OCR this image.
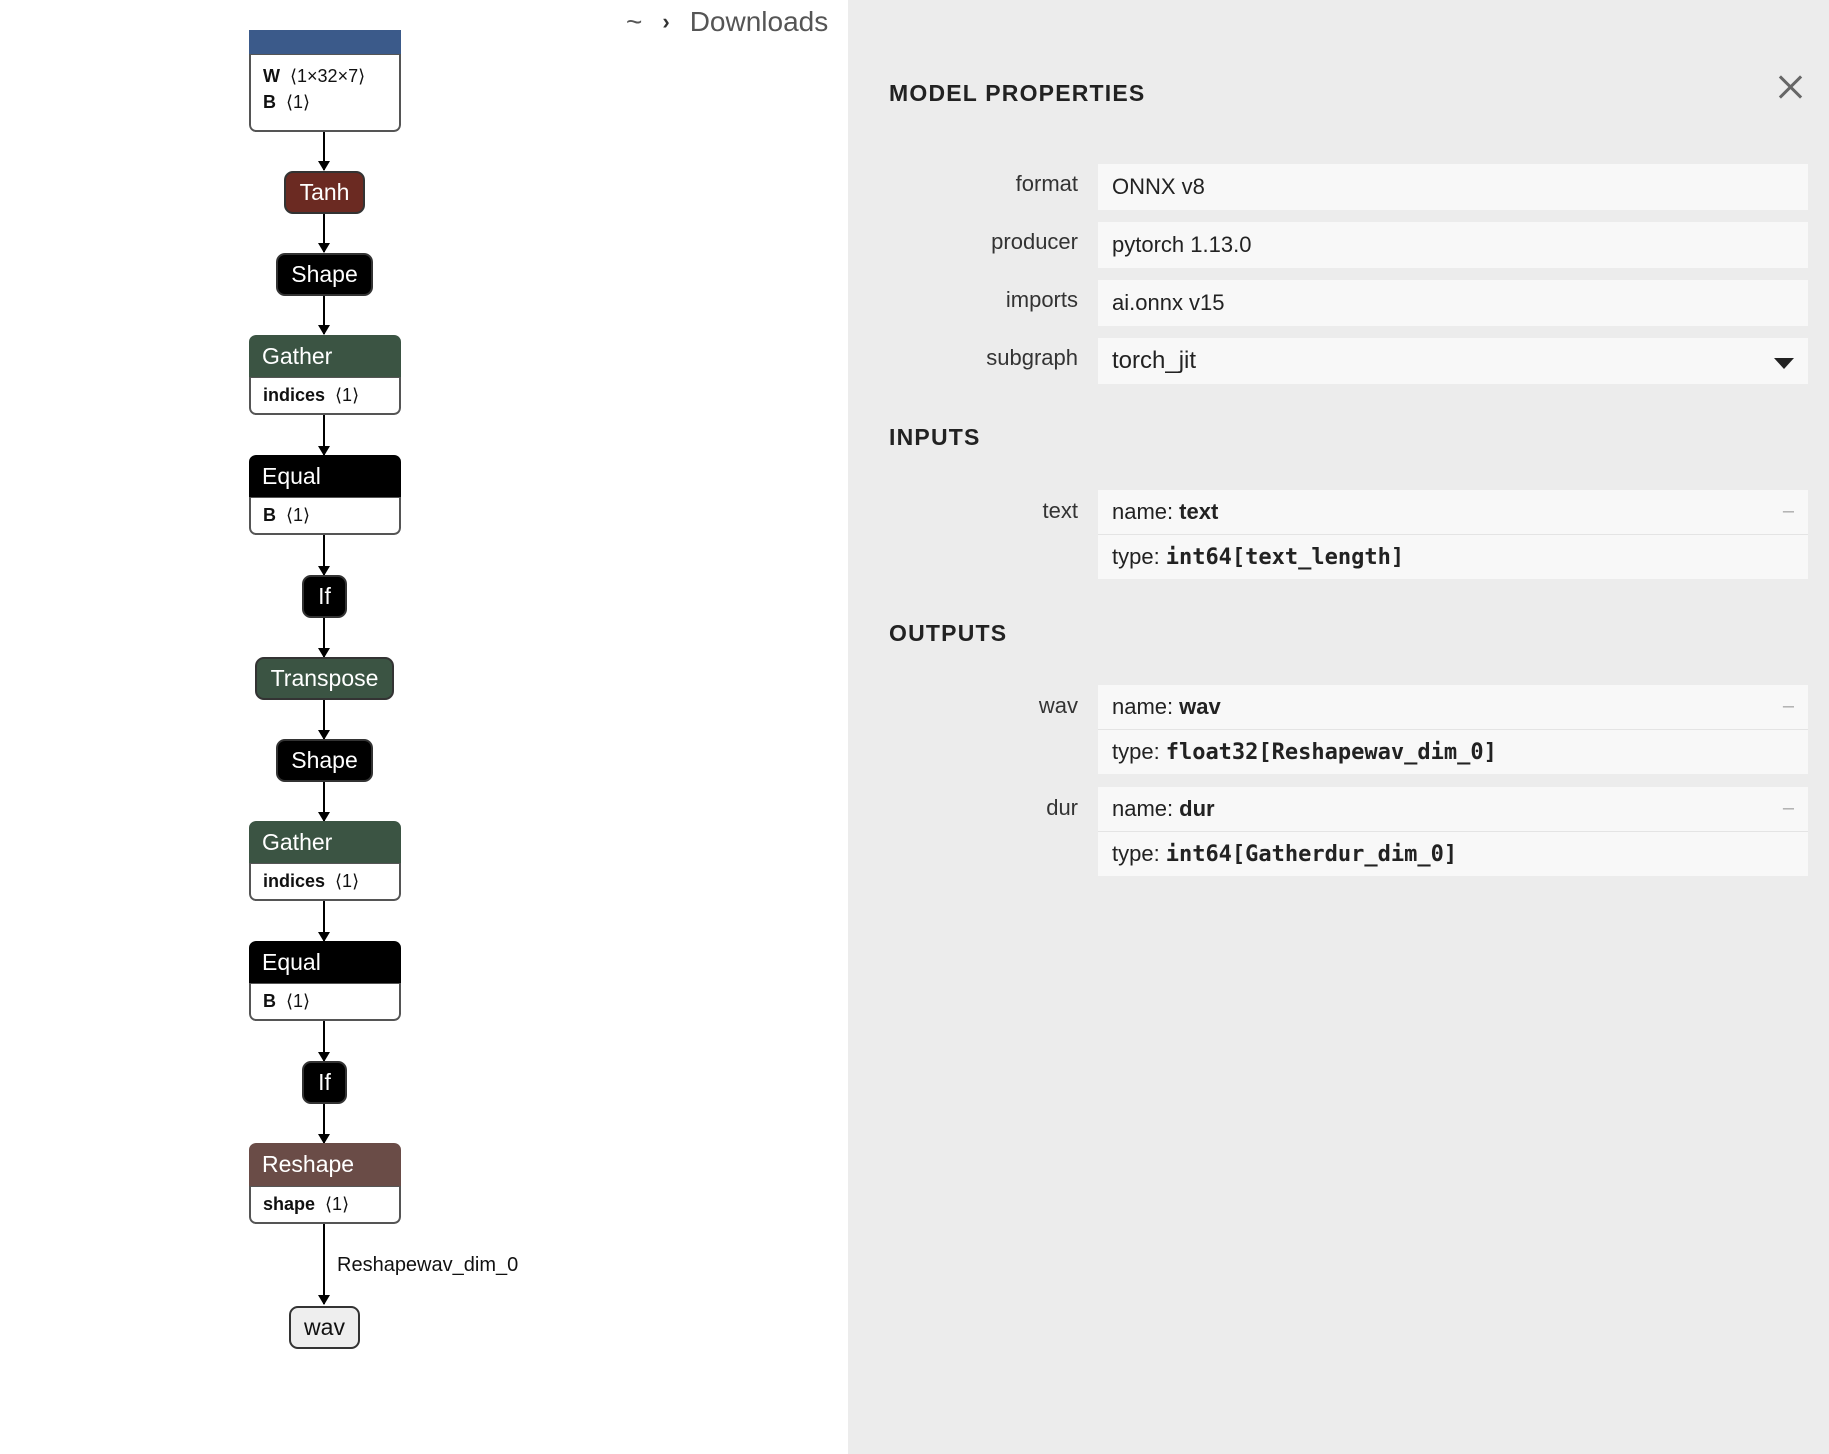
W ⟨1×32×7⟩
B ⟨1⟩
Tanh
Shape
Gather
indices ⟨1⟩
Equal
B ⟨1⟩
If
Transpose
Shape
Gather
indices ⟨1⟩
Equal
B ⟨1⟩
If
Reshape
shape ⟨1⟩
Reshapewav_dim_0
wav
~ › Downloads
MODEL PROPERTIES
format	ONNX v8
producer	pytorch 1.13.0
imports	ai.onnx v15
subgraph torch_jit
INPUTS
text name: text	–
type: int64[text_length]
OUTPUTS
wav name: wav	–
type: float32[Reshapewav_dim_0]
dur name: dur	–
type: int64[Gatherdur_dim_0]
